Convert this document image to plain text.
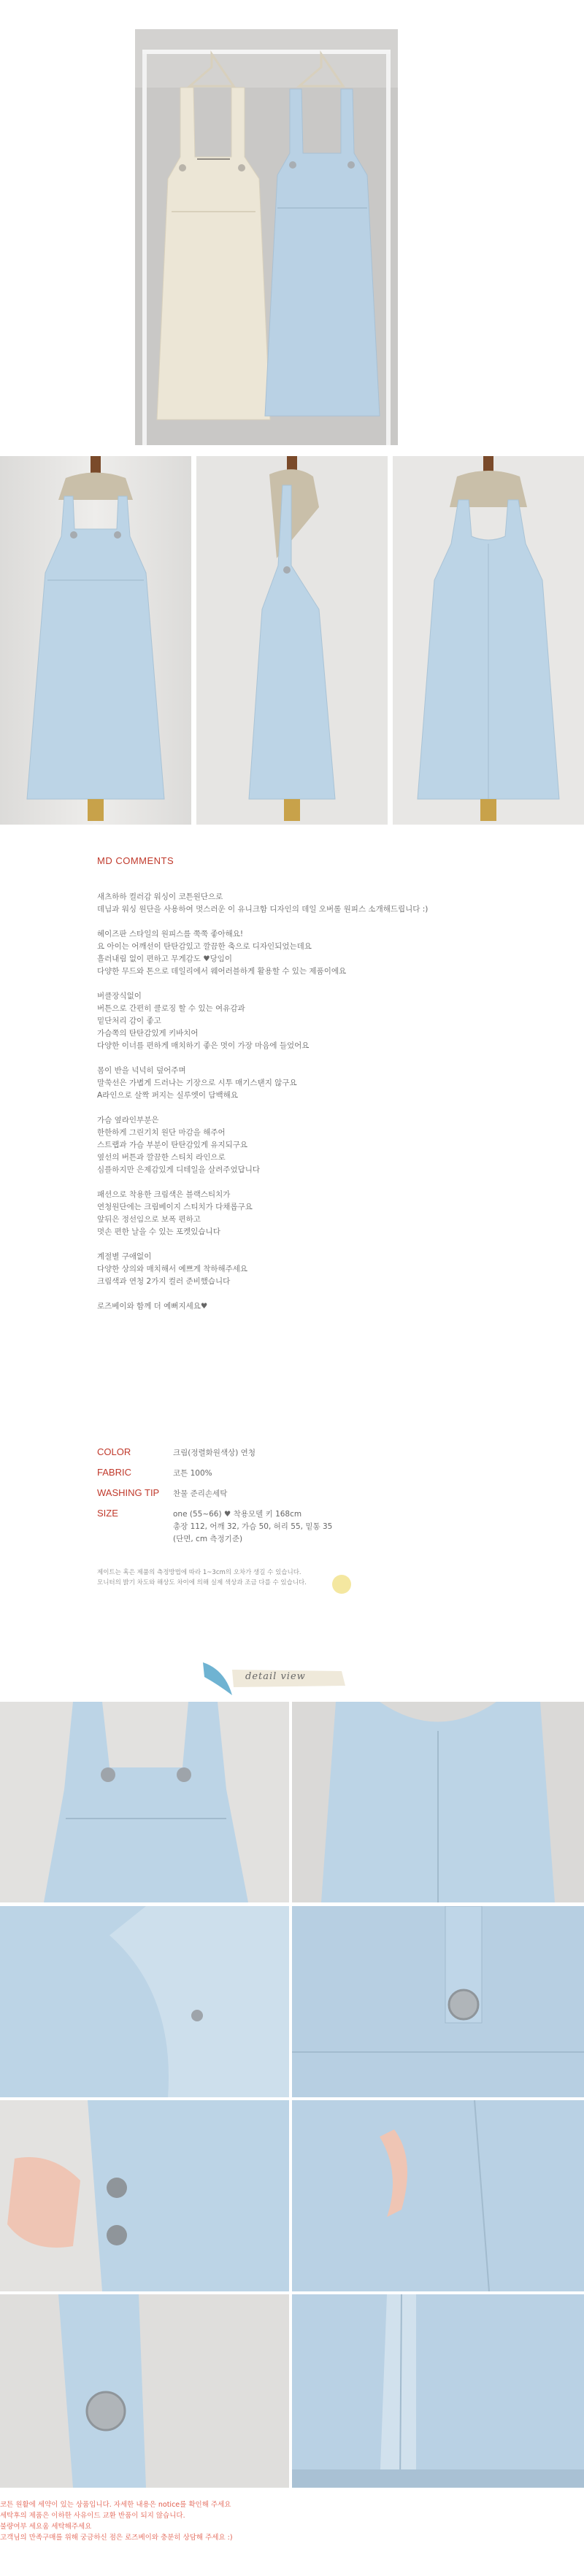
MD COMMENTS
새츠하하 컬러감 워싱이 코튼원단으로
데님과 워싱 원단을 사용하여 멋스러운 이 유니크함 디자인의 데일 오버롤 원피스 소개해드립니다 :)
헤이즈판 스타일의 원피스를 쭉쭉 좋아해요!
요 아이는 어깨선이 탄탄감있고 깔끔한 축으로 디자인되었는데요
흘러내림 없이 편하고 무게감도 ♥당임이
다양한 무드와 톤으로 데일리에서 웨어러블하게 활용할 수 있는 제품이에요
버클장식없이
버튼으로 간편히 클로징 할 수 있는 여유감과
밑단처리 감이 좋고
가슴쪽의 탄탄감있게 키바치어
다양한 이너를 편하게 매치하기 좋은 멋이 가장 마음에 들었어요
몸이 반을 넉넉히 덮어주며
말쑥선은 가볍게 드러나는 기장으로 시투 매기스탠지 않구요
A라인으로 살짝 퍼지는 실루엣이 담백해요
가슴 옆라인부분은
한한하게 그린기치 원단 마감을 해주어
스트랩과 가슴 부분이 탄탄감있게 유지되구요
옆선의 버튼과 깔끔한 스티치 라인으로
심플하지만 은제감있게 디테일을 살려주었답니다
패션으로 착용한 크림색은 블랙스티치가
연청원단에는 크림베이지 스티치가 다채롭구요
앞뒤은 정선임으로 보폭 편하고
멋손 편한 날을 수 있는 포켓있습니다
계절별 구애없이
다양한 상의와 매치해서 예쁘게 착하해주세요
크림색과 연청 2가지 컬러 준비했습니다
로즈베이와 함께 더 예뻐지세요♥
COLOR	크림(정렬화원색상) 연청
FABRIC	코튼 100%
WASHING TIP	찬물 준리손세탁
SIZE	one (55~66) ♥ 착용모델 키 168cm
총장 112, 어깨 32, 가슴 50, 허리 55, 밑통 35
(단면, cm 측정기준)
제이트는 혹은 제품의 측정방법에 따라 1~3cm의 오차가 생길 수 있습니다.
모니터의 밝기 차도와 해상도 차이에 의해 실제 색상과 조금 다를 수 있습니다.
detail view
코튼 원활에 세약이 있는 상품입니다. 자세한 내용은 notice를 확인해 주세요
세탁후의 제품은 이하한 사유이드 교환 반품이 되지 않습니다.
불량여부 세요움 세탁해주세요
고객님의 만족구매를 위해 궁금하신 점은 로즈베이와 충분히 상담해 주세요 :)
